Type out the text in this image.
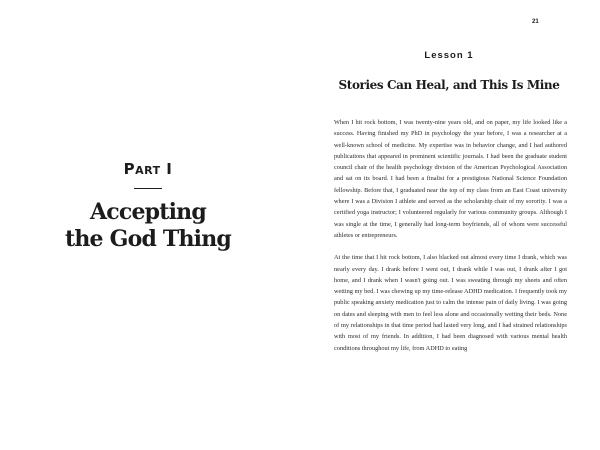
21
Part I
Accepting
the God Thing
Lesson 1
Stories Can Heal, and This Is Mine

When I hit rock bottom, I was twenty-nine years old, and on paper, my life looked like a success. Having finished my PhD in psychology the year before, I was a researcher at a well-known school of medicine. My expertise was in behavior change, and I had authored publications that appeared in prominent scientific journals. I had been the graduate student council chair of the health psychology division of the American Psychological Association and sat on its board. I had been a finalist for a prestigious National Science Foundation fellowship. Before that, I graduated near the top of my class from an East Coast university where I was a Division I athlete and served as the scholarship chair of my sorority. I was a certified yoga instructor; I volunteered regularly for various community groups. Although I was single at the time, I generally had long-term boyfriends, all of whom were successful athletes or entrepreneurs.

At the time that I hit rock bottom, I also blacked out almost every time I drank, which was nearly every day. I drank before I went out, I drank while I was out, I drank after I got home, and I drank when I wasn't going out. I was sweating through my sheets and often wetting my bed. I was chewing up my time-release ADHD medication. I frequently took my public speaking anxiety medication just to calm the intense pain of daily living. I was going on dates and sleeping with men to feel less alone and occasionally wetting their beds. None of my relationships in that time period had lasted very long, and I had strained relationships with most of my friends. In addition, I had been diagnosed with various mental health conditions throughout my life, from ADHD to eating
